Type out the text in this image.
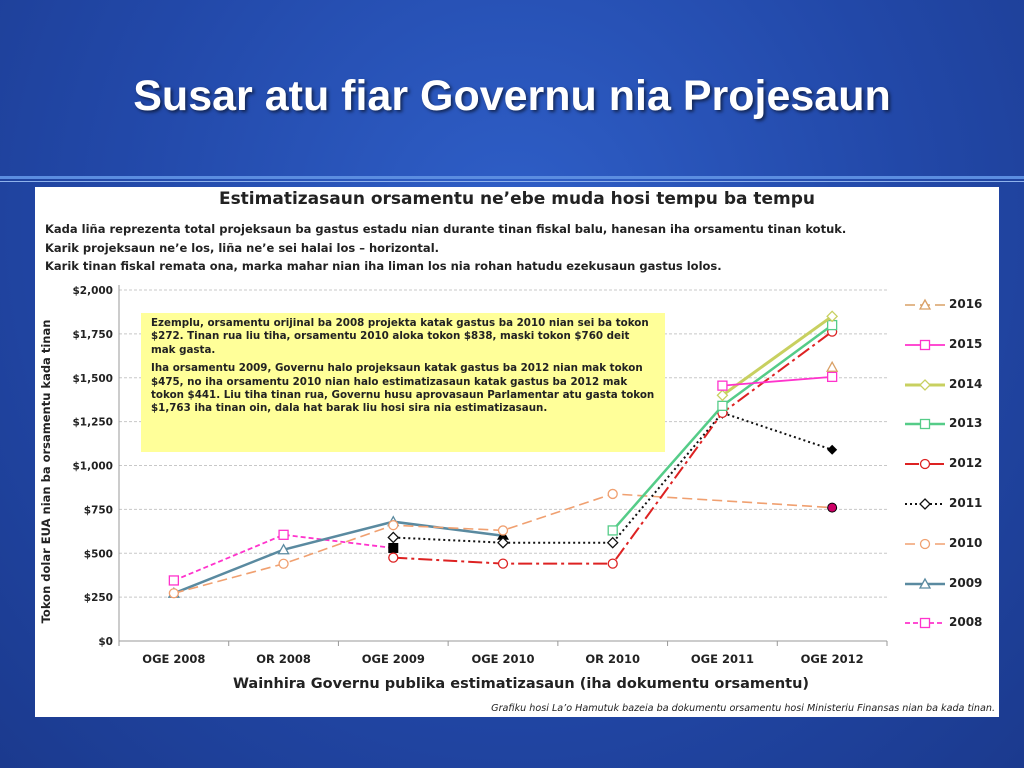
Susar atu fiar Governu nia Projesaun
Estimatizasaun orsamentu ne’ebe muda hosi tempu ba tempu
Kada liña reprezenta total projeksaun ba gastus estadu nian durante tinan fiskal balu, hanesan iha orsamentu tinan kotuk.
Karik projeksaun ne’e los, liña ne’e sei halai los – horizontal.
Karik tinan fiskal remata ona, marka mahar nian iha liman los nia rohan hatudu ezekusaun gastus lolos.
$0
$250
$500
$750
$1,000
$1,250
$1,500
$1,750
$2,000
OGE 2008	OR 2008	OGE 2009	OGE 2010	OR 2010	OGE 2011	OGE 2012
Wainhira Governu publika estimatizasaun (iha dokumentu orsamentu)
Tokon dolar EUA nian ba orsamentu kada tinan	Ezemplu, orsamentu orijinal ba 2008 projekta katak gastus ba 2010 nian sei ba tokon $272. Tinan rua liu tiha, orsamentu 2010 aloka tokon $838, maski tokon $760 deit mak gasta.

Iha orsamentu 2009, Governu halo projeksaun katak gastus ba 2012 nian mak tokon $475, no iha orsamentu 2010 nian halo estimatizasaun katak gastus ba 2012 mak tokon $441. Liu tiha tinan rua, Governu husu aprovasaun Parlamentar atu gasta tokon $1,763 iha tinan oin, dala hat barak liu hosi sira nia estimatizasaun.

2016
2015
2014
2013
2012
2011
2010
2009
2008
Grafiku hosi La’o Hamutuk bazeia ba dokumentu orsamentu hosi Ministeriu Finansas nian ba kada tinan.
